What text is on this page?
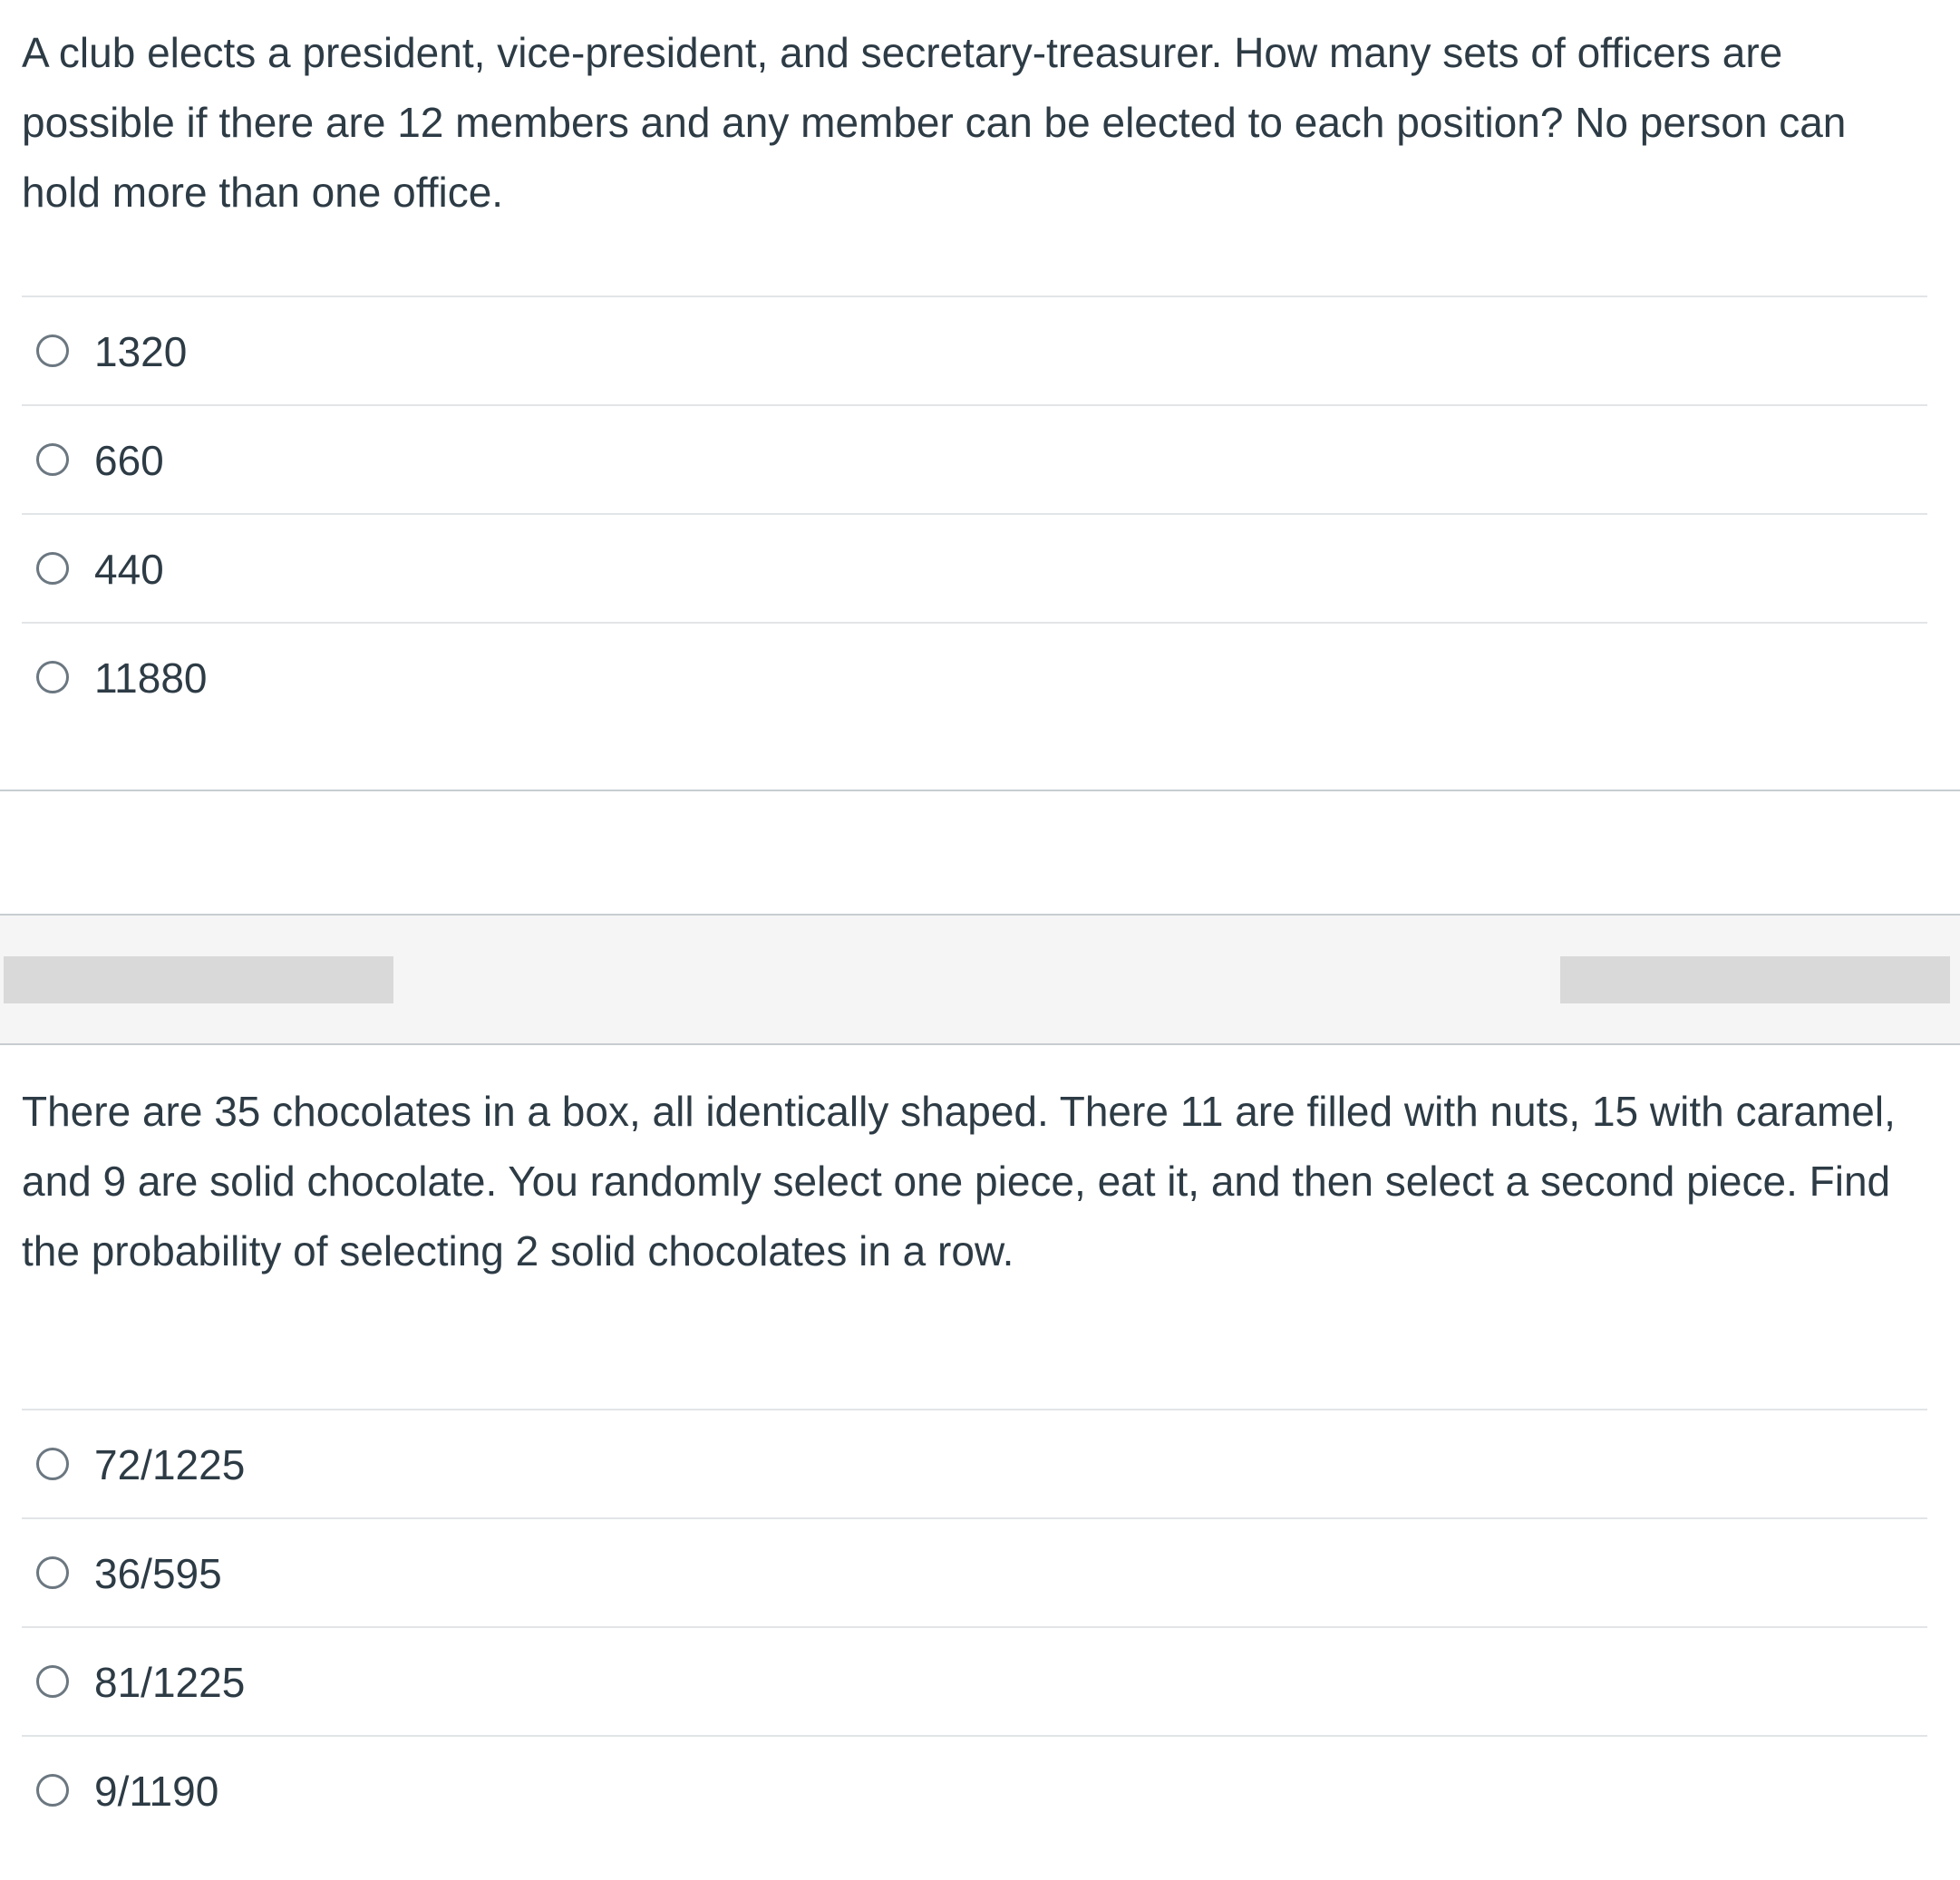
A club elects a president, vice-president, and secretary-treasurer. How many sets of officers are possible if there are 12 members and any member can be elected to each position? No person can hold more than one office.
1320
660
440
11880
There are 35 chocolates in a box, all identically shaped. There 11 are filled with nuts, 15 with caramel, and 9 are solid chocolate. You randomly select one piece, eat it, and then select a second piece. Find the probability of selecting 2 solid chocolates in a row.
72/1225
36/595
81/1225
9/1190
